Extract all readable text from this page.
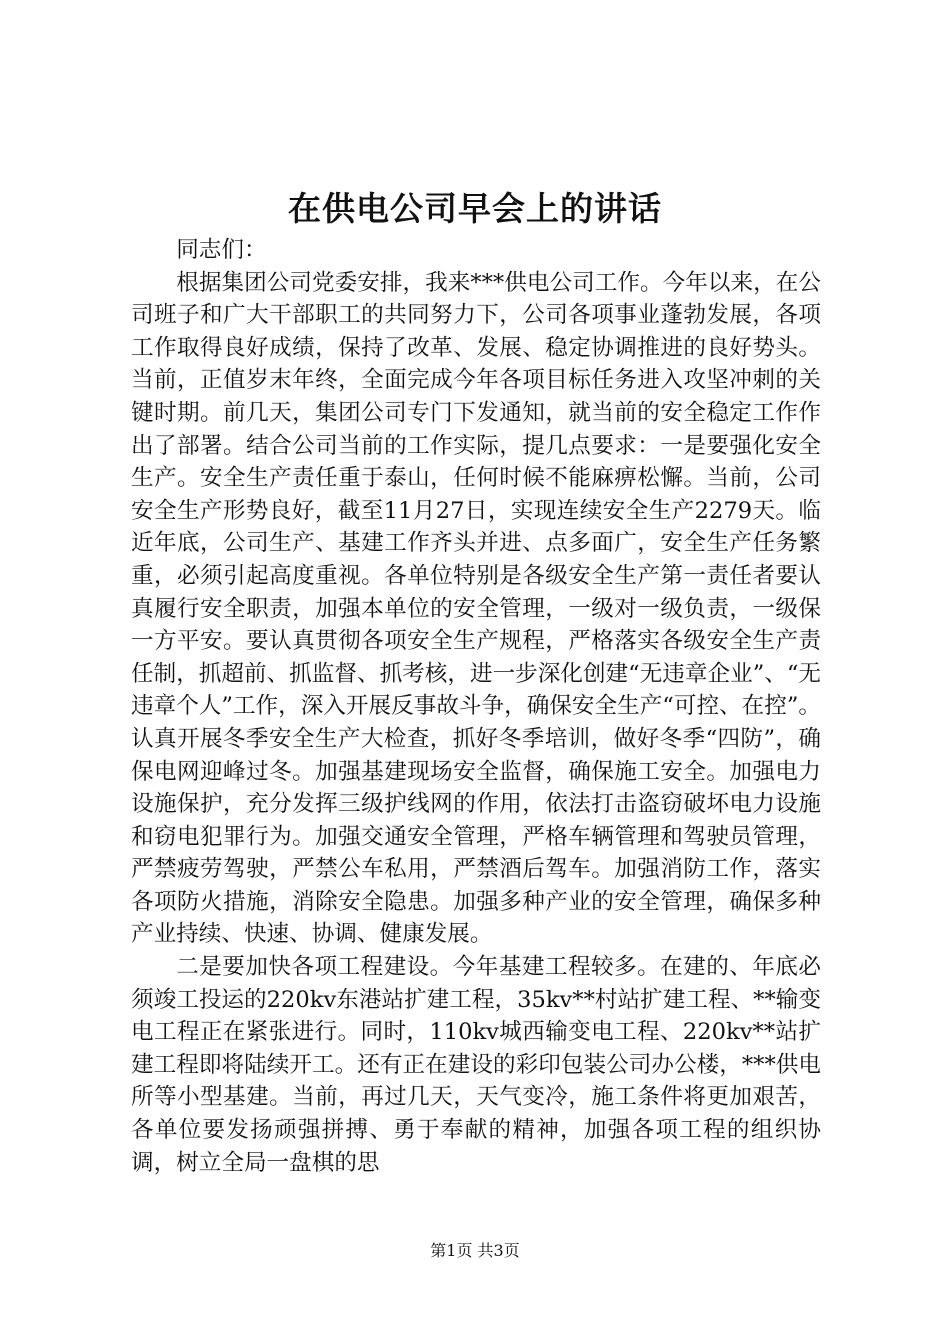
在供电公司早会上的讲话

同志们：

根据集团公司党委安排，我来***供电公司工作。今年以来，在公司班子和广大干部职工的共同努力下，公司各项事业蓬勃发展，各项工作取得良好成绩，保持了改革、发展、稳定协调推进的良好势头。当前，正值岁末年终，全面完成今年各项目标任务进入攻坚冲刺的关键时期。前几天，集团公司专门下发通知，就当前的安全稳定工作作出了部署。结合公司当前的工作实际，提几点要求：一是要强化安全生产。安全生产责任重于泰山，任何时候不能麻痹松懈。当前，公司安全生产形势良好，截至11月27日，实现连续安全生产2279天。临近年底，公司生产、基建工作齐头并进、点多面广，安全生产任务繁重，必须引起高度重视。各单位特别是各级安全生产第一责任者要认真履行安全职责，加强本单位的安全管理，一级对一级负责，一级保一方平安。要认真贯彻各项安全生产规程，严格落实各级安全生产责任制，抓超前、抓监督、抓考核，进一步深化创建“无违章企业”、“无违章个人”工作，深入开展反事故斗争，确保安全生产“可控、在控”。认真开展冬季安全生产大检查，抓好冬季培训，做好冬季“四防”，确保电网迎峰过冬。加强基建现场安全监督，确保施工安全。加强电力设施保护，充分发挥三级护线网的作用，依法打击盗窃破坏电力设施和窃电犯罪行为。加强交通安全管理，严格车辆管理和驾驶员管理，严禁疲劳驾驶，严禁公车私用，严禁酒后驾车。加强消防工作，落实各项防火措施，消除安全隐患。加强多种产业的安全管理，确保多种产业持续、快速、协调、健康发展。

二是要加快各项工程建设。今年基建工程较多。在建的、年底必须竣工投运的220kv东港站扩建工程，35kv**村站扩建工程、**输变电工程正在紧张进行。同时，110kv城西输变电工程、220kv**站扩建工程即将陆续开工。还有正在建设的彩印包装公司办公楼，***供电所等小型基建。当前，再过几天，天气变冷，施工条件将更加艰苦，各单位要发扬顽强拼搏、勇于奉献的精神，加强各项工程的组织协调，树立全局一盘棋的思

第1页 共3页
